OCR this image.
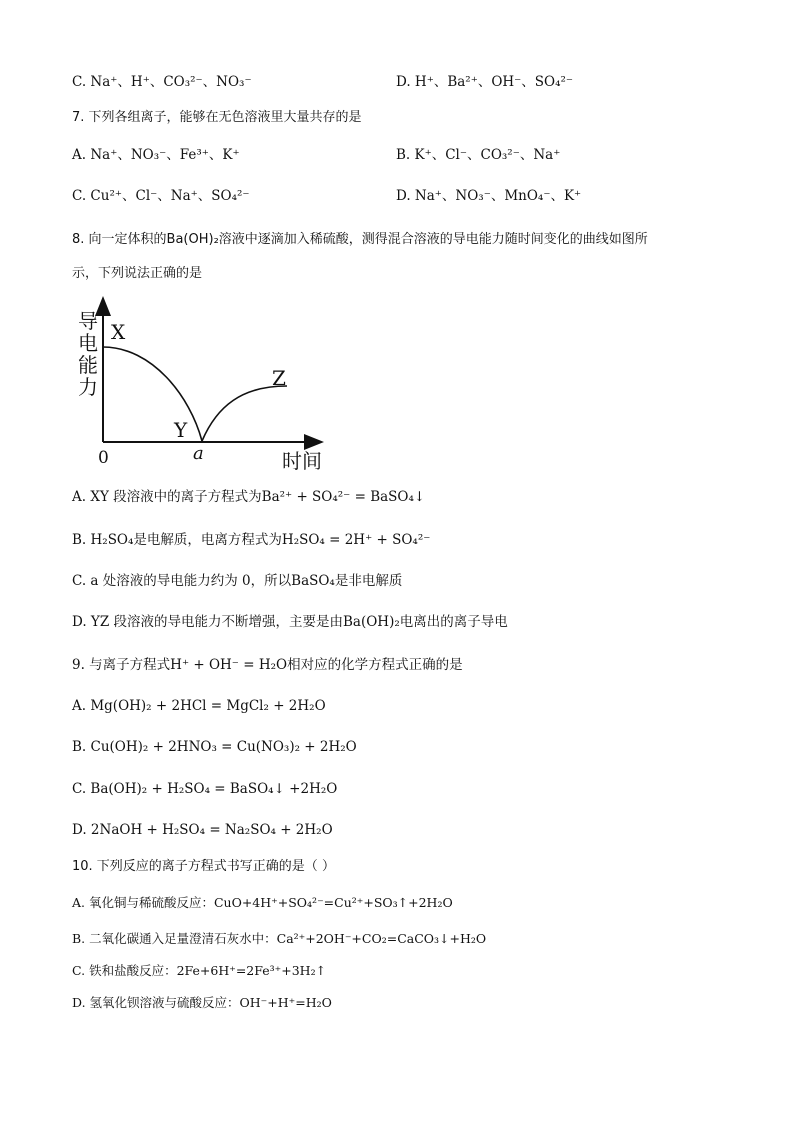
C. Na⁺、H⁺、CO₃²⁻、NO₃⁻	D. H⁺、Ba²⁺、OH⁻、SO₄²⁻
7. 下列各组离子，能够在无色溶液里大量共存的是
A. Na⁺、NO₃⁻、Fe³⁺、K⁺	B. K⁺、Cl⁻、CO₃²⁻、Na⁺
C. Cu²⁺、Cl⁻、Na⁺、SO₄²⁻	D. Na⁺、NO₃⁻、MnO₄⁻、K⁺
8. 向一定体积的Ba(OH)₂溶液中逐滴加入稀硫酸，测得混合溶液的导电能力随时间变化的曲线如图所
示，下列说法正确的是
导
电
能
力
X
Y
Z
0	a	时间
A. XY 段溶液中的离子方程式为Ba²⁺ + SO₄²⁻ = BaSO₄↓
B. H₂SO₄是电解质，电离方程式为H₂SO₄ = 2H⁺ + SO₄²⁻
C. a 处溶液的导电能力约为 0，所以BaSO₄是非电解质
D. YZ 段溶液的导电能力不断增强，主要是由Ba(OH)₂电离出的离子导电
9. 与离子方程式H⁺ + OH⁻ = H₂O相对应的化学方程式正确的是
A. Mg(OH)₂ + 2HCl = MgCl₂ + 2H₂O
B. Cu(OH)₂ + 2HNO₃ = Cu(NO₃)₂ + 2H₂O
C. Ba(OH)₂ + H₂SO₄ = BaSO₄↓ +2H₂O
D. 2NaOH + H₂SO₄ = Na₂SO₄ + 2H₂O
10. 下列反应的离子方程式书写正确的是（ ）
A. 氧化铜与稀硫酸反应：CuO+4H⁺+SO₄²⁻=Cu²⁺+SO₃↑+2H₂O
B. 二氧化碳通入足量澄清石灰水中：Ca²⁺+2OH⁻+CO₂=CaCO₃↓+H₂O
C. 铁和盐酸反应：2Fe+6H⁺=2Fe³⁺+3H₂↑
D. 氢氧化钡溶液与硫酸反应：OH⁻+H⁺=H₂O
